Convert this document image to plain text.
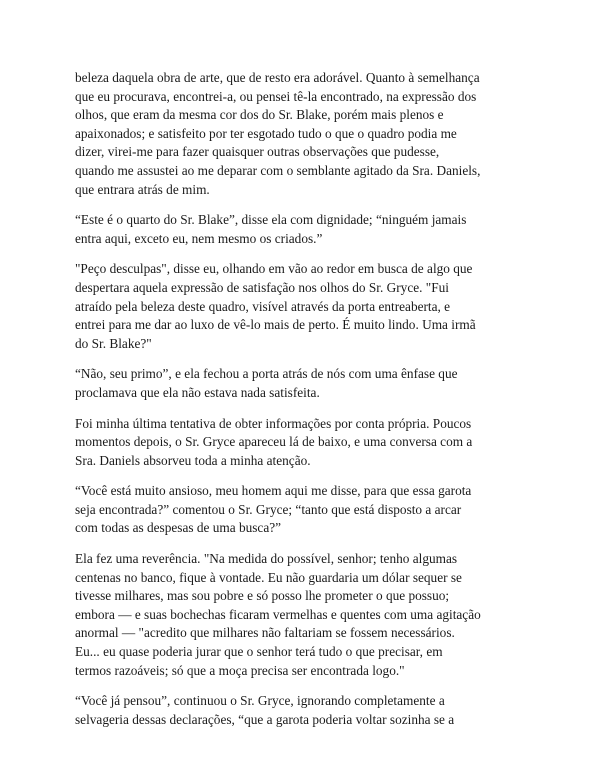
beleza daquela obra de arte, que de resto era adorável. Quanto à semelhança
que eu procurava, encontrei-a, ou pensei tê-la encontrado, na expressão dos
olhos, que eram da mesma cor dos do Sr. Blake, porém mais plenos e
apaixonados; e satisfeito por ter esgotado tudo o que o quadro podia me
dizer, virei-me para fazer quaisquer outras observações que pudesse,
quando me assustei ao me deparar com o semblante agitado da Sra. Daniels,
que entrara atrás de mim.

“Este é o quarto do Sr. Blake”, disse ela com dignidade; “ninguém jamais
entra aqui, exceto eu, nem mesmo os criados.”

"Peço desculpas", disse eu, olhando em vão ao redor em busca de algo que
despertara aquela expressão de satisfação nos olhos do Sr. Gryce. "Fui
atraído pela beleza deste quadro, visível através da porta entreaberta, e
entrei para me dar ao luxo de vê-lo mais de perto. É muito lindo. Uma irmã
do Sr. Blake?"

“Não, seu primo”, e ela fechou a porta atrás de nós com uma ênfase que
proclamava que ela não estava nada satisfeita.

Foi minha última tentativa de obter informações por conta própria. Poucos
momentos depois, o Sr. Gryce apareceu lá de baixo, e uma conversa com a
Sra. Daniels absorveu toda a minha atenção.

“Você está muito ansioso, meu homem aqui me disse, para que essa garota
seja encontrada?” comentou o Sr. Gryce; “tanto que está disposto a arcar
com todas as despesas de uma busca?”

Ela fez uma reverência. "Na medida do possível, senhor; tenho algumas
centenas no banco, fique à vontade. Eu não guardaria um dólar sequer se
tivesse milhares, mas sou pobre e só posso lhe prometer o que possuo;
embora — e suas bochechas ficaram vermelhas e quentes com uma agitação
anormal — "acredito que milhares não faltariam se fossem necessários.
Eu... eu quase poderia jurar que o senhor terá tudo o que precisar, em
termos razoáveis; só que a moça precisa ser encontrada logo."

“Você já pensou”, continuou o Sr. Gryce, ignorando completamente a
selvageria dessas declarações, “que a garota poderia voltar sozinha se a
